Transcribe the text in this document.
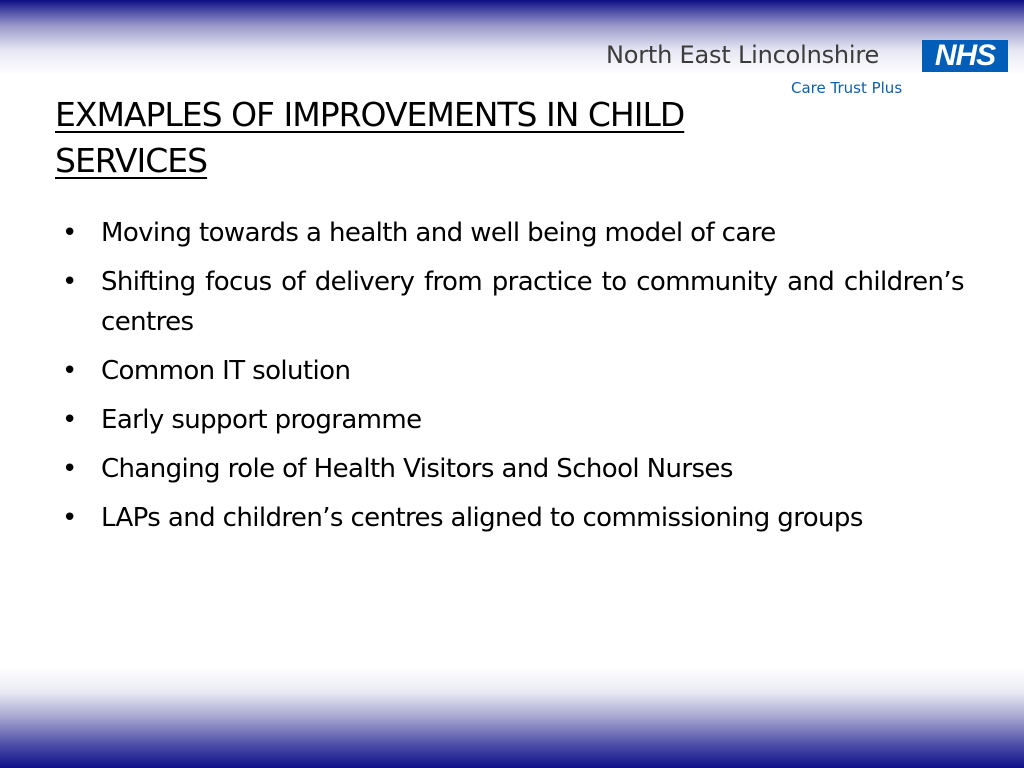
North East Lincolnshire	NHS
Care Trust Plus
EXMAPLES OF IMPROVEMENTS IN CHILD SERVICES
• Moving towards a health and well being model of care
• Shifting focus of delivery from practice to community and children’s centres
• Common IT solution
• Early support programme
• Changing role of Health Visitors and School Nurses
• LAPs and children’s centres aligned to commissioning groups
